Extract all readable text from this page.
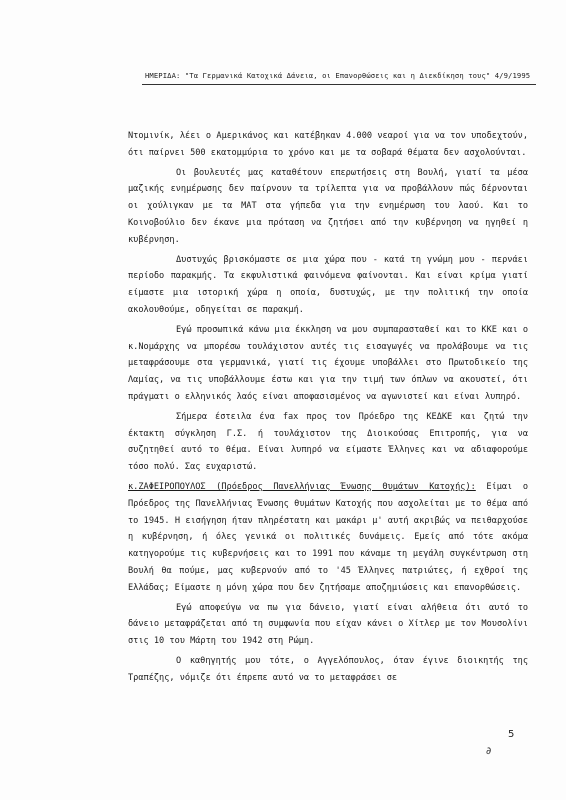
ΗΜΕΡΙΔΑ: "Τα Γερμανικά Κατοχικά Δάνεια, οι Επανορθώσεις και η Διεκδίκηση τους" 4/9/1995

Ντομινίκ, λέει ο Αμερικάνος και κατέβηκαν 4.000 νεαροί για να τον υποδεχτούν, ότι παίρνει 500 εκατομμύρια το χρόνο και με τα σοβαρά θέματα δεν ασχολούνται.

Οι βουλευτές μας καταθέτουν επερωτήσεις στη Βουλή, γιατί τα μέσα μαζικής ενημέρωσης δεν παίρνουν τα τρίλεπτα για να προβάλλουν πώς δέρνονται οι χούλιγκαν με τα ΜΑΤ στα γήπεδα για την ενημέρωση του λαού. Και το Κοινοβούλιο δεν έκανε μια πρόταση να ζητήσει από την κυβέρνηση να ηγηθεί η κυβέρνηση.

Δυστυχώς βρισκόμαστε σε μια χώρα που - κατά τη γνώμη μου - περνάει περίοδο παρακμής. Τα εκφυλιστικά φαινόμενα φαίνονται. Και είναι κρίμα γιατί είμαστε μια ιστορική χώρα η οποία, δυστυχώς, με την πολιτική την οποία ακολουθούμε, οδηγείται σε παρακμή.

Εγώ προσωπικά κάνω μια έκκληση να μου συμπαρασταθεί και το ΚΚΕ και ο κ.Νομάρχης να μπορέσω τουλάχιστον αυτές τις εισαγωγές να προλάβουμε να τις μεταφράσουμε στα γερμανικά, γιατί τις έχουμε υποβάλλει στο Πρωτοδικείο της Λαμίας, να τις υποβάλλουμε έστω και για την τιμή των όπλων να ακουστεί, ότι πράγματι ο ελληνικός λαός είναι αποφασισμένος να αγωνιστεί και είναι λυπηρό.

Σήμερα έστειλα ένα fax προς τον Πρόεδρο της ΚΕΔΚΕ και ζητώ την έκτακτη σύγκληση Γ.Σ. ή τουλάχιστον της Διοικούσας Επιτροπής, για να συζητηθεί αυτό το θέμα. Είναι λυπηρό να είμαστε Έλληνες και να αδιαφορούμε τόσο πολύ. Σας ευχαριστώ.

κ.ΖΑΦΕΙΡΟΠΟΥΛΟΣ (Πρόεδρος Πανελλήνιας Ένωσης Θυμάτων Κατοχής): Είμαι ο Πρόεδρος της Πανελλήνιας Ένωσης θυμάτων Κατοχής που ασχολείται με το θέμα από το 1945. Η εισήγηση ήταν πληρέστατη και μακάρι μ' αυτή ακριβώς να πειθαρχούσε η κυβέρνηση, ή όλες γενικά οι πολιτικές δυνάμεις. Εμείς από τότε ακόμα κατηγορούμε τις κυβερνήσεις και το 1991 που κάναμε τη μεγάλη συγκέντρωση στη Βουλή θα πούμε, μας κυβερνούν από το '45 Έλληνες πατριώτες, ή εχθροί της Ελλάδας; Είμαστε η μόνη χώρα που δεν ζητήσαμε αποζημιώσεις και επανορθώσεις.

Εγώ αποφεύγω να πω για δάνειο, γιατί είναι αλήθεια ότι αυτό το δάνειο μεταφράζεται από τη συμφωνία που είχαν κάνει ο Χίτλερ με τον Μουσολίνι στις 10 του Μάρτη του 1942 στη Ρώμη.

Ο καθηγητής μου τότε, ο Αγγελόπουλος, όταν έγινε διοικητής της Τραπέζης, νόμιζε ότι έπρεπε αυτό να το μεταφράσει σε

5
∂
